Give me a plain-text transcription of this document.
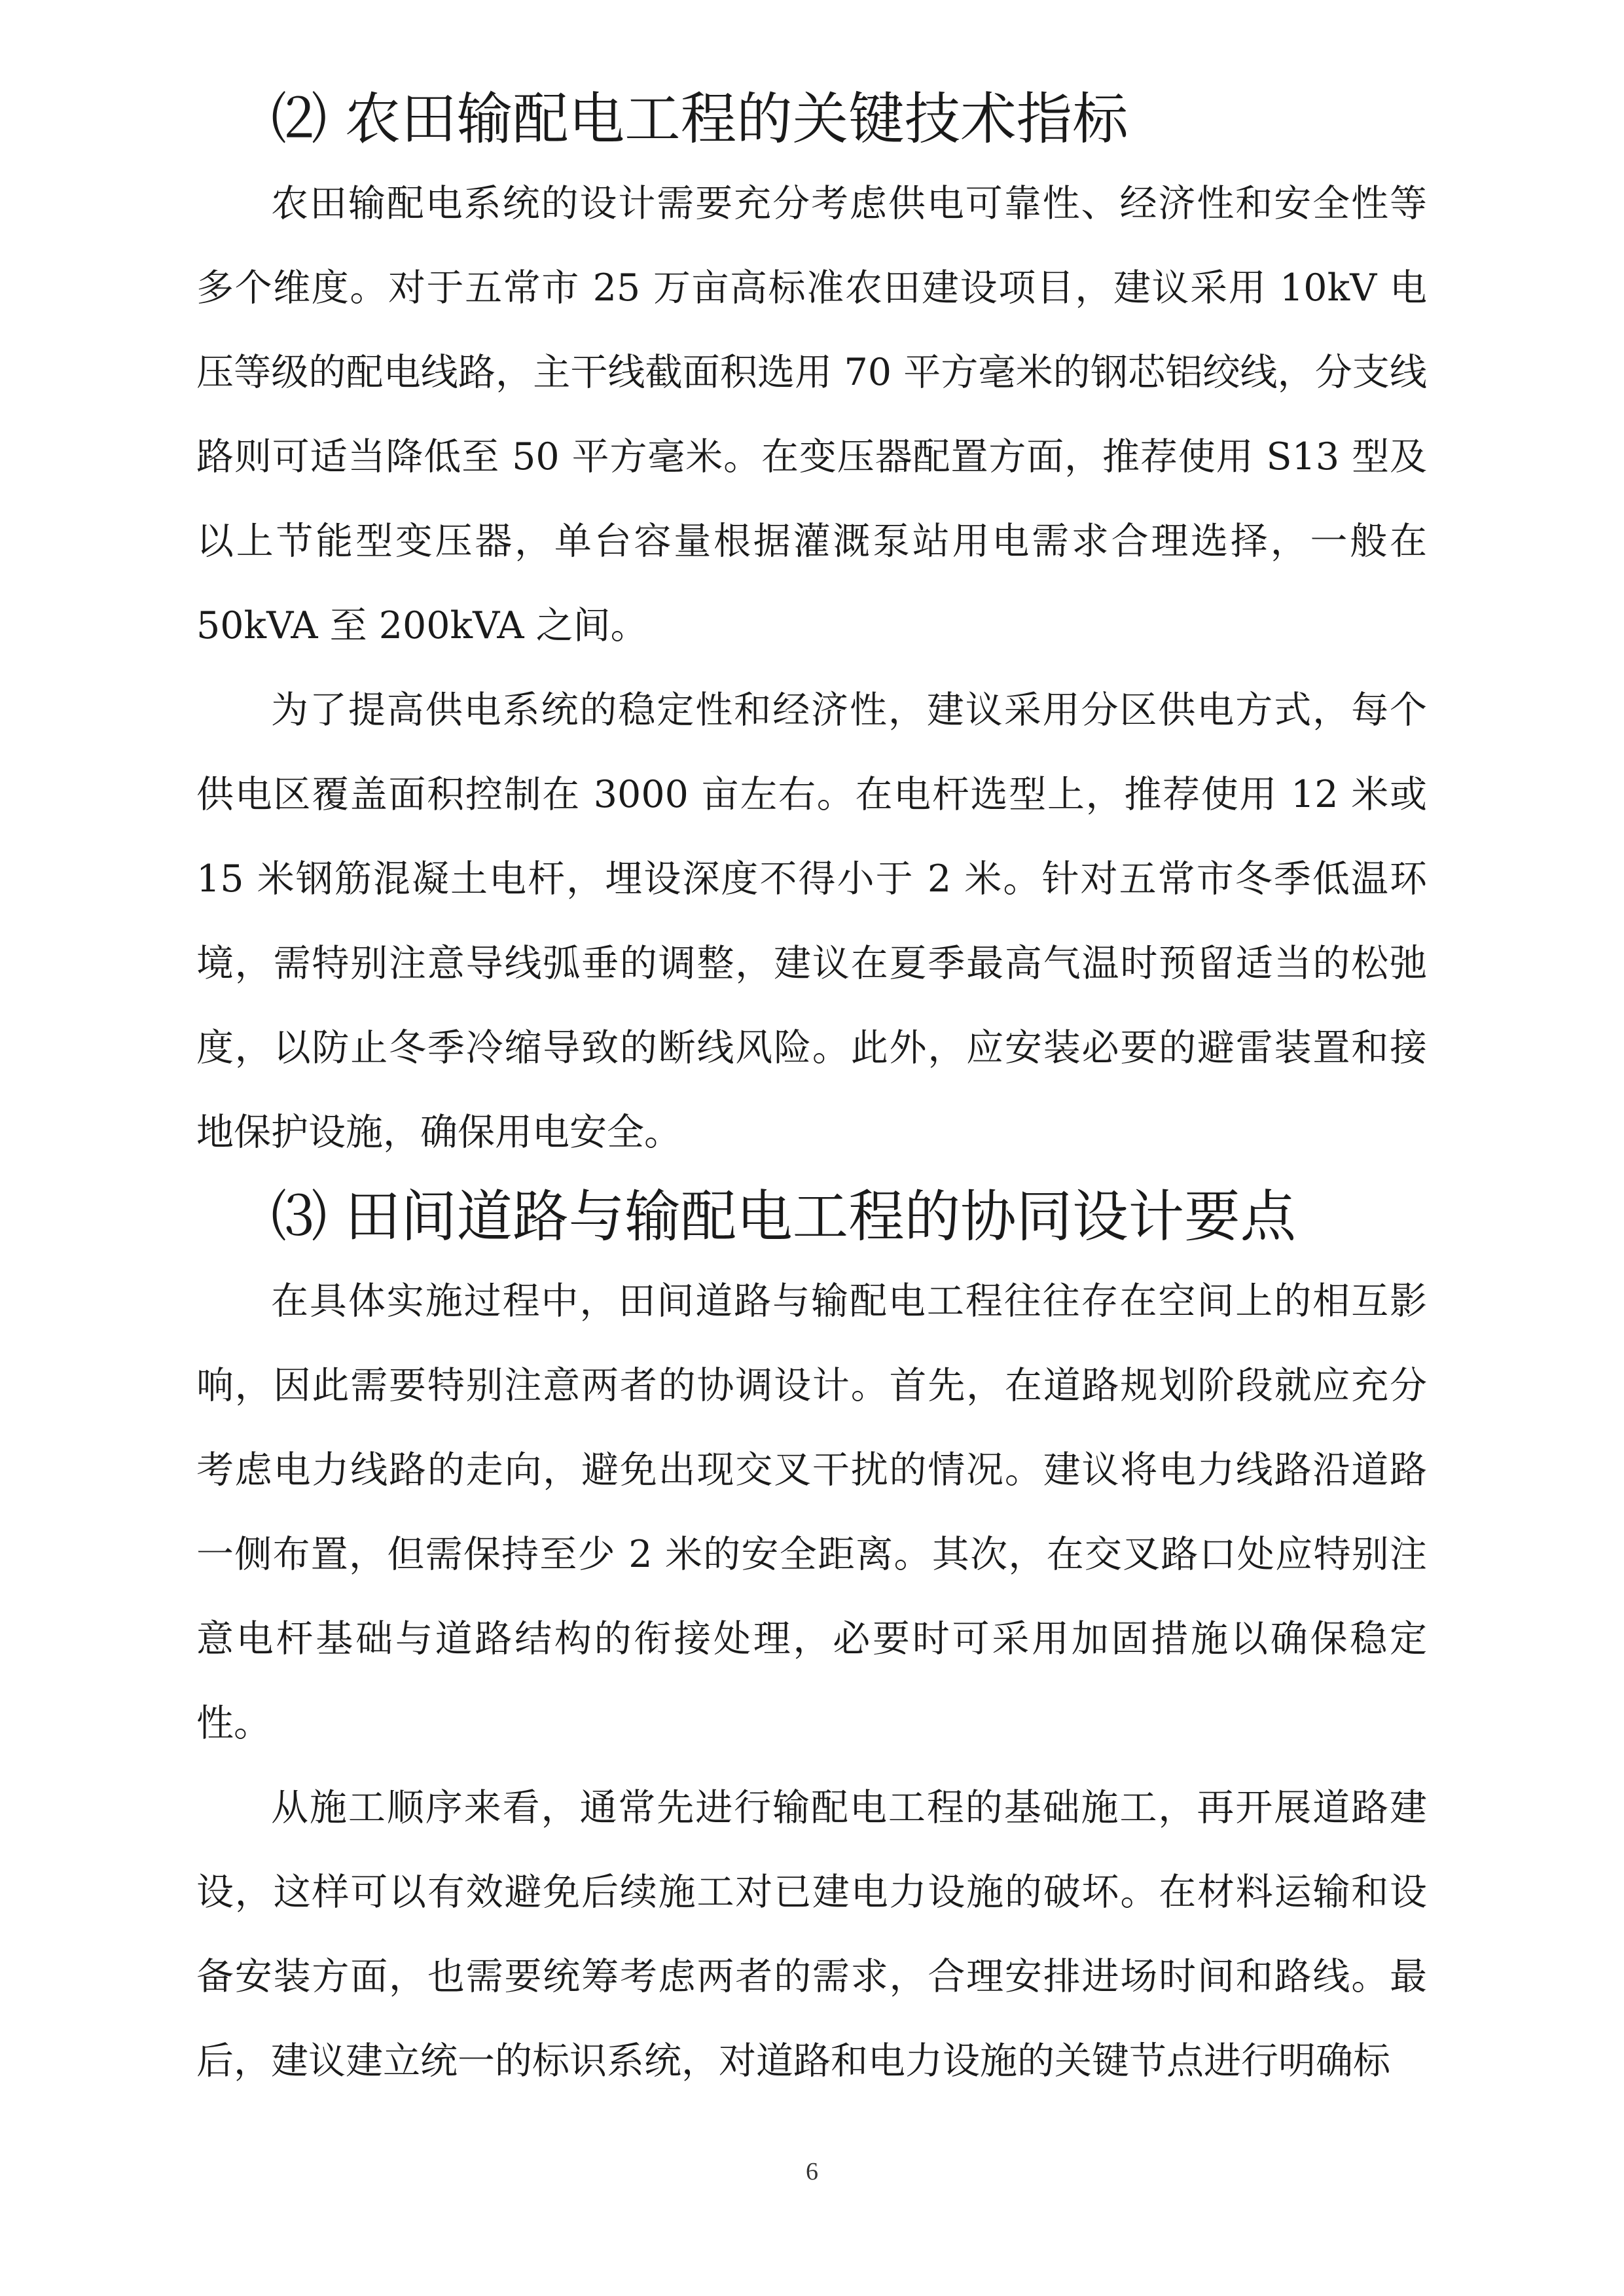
⑵ 农田输配电工程的关键技术指标

农田输配电系统的设计需要充分考虑供电可靠性、经济性和安全性等多个维度。对于五常市 25 万亩高标准农田建设项目，建议采用 10kV 电压等级的配电线路，主干线截面积选用 70 平方毫米的钢芯铝绞线，分支线路则可适当降低至 50 平方毫米。在变压器配置方面，推荐使用 S13 型及以上节能型变压器，单台容量根据灌溉泵站用电需求合理选择，一般在 50kVA 至 200kVA 之间。

为了提高供电系统的稳定性和经济性，建议采用分区供电方式，每个供电区覆盖面积控制在 3000 亩左右。在电杆选型上，推荐使用 12 米或 15 米钢筋混凝土电杆，埋设深度不得小于 2 米。针对五常市冬季低温环境，需特别注意导线弧垂的调整，建议在夏季最高气温时预留适当的松弛度，以防止冬季冷缩导致的断线风险。此外，应安装必要的避雷装置和接地保护设施，确保用电安全。

⑶ 田间道路与输配电工程的协同设计要点

在具体实施过程中，田间道路与输配电工程往往存在空间上的相互影响，因此需要特别注意两者的协调设计。首先，在道路规划阶段就应充分考虑电力线路的走向，避免出现交叉干扰的情况。建议将电力线路沿道路一侧布置，但需保持至少 2 米的安全距离。其次，在交叉路口处应特别注意电杆基础与道路结构的衔接处理，必要时可采用加固措施以确保稳定性。

从施工顺序来看，通常先进行输配电工程的基础施工，再开展道路建设，这样可以有效避免后续施工对已建电力设施的破坏。在材料运输和设备安装方面，也需要统筹考虑两者的需求，合理安排进场时间和路线。最后，建议建立统一的标识系统，对道路和电力设施的关键节点进行明确标

6
